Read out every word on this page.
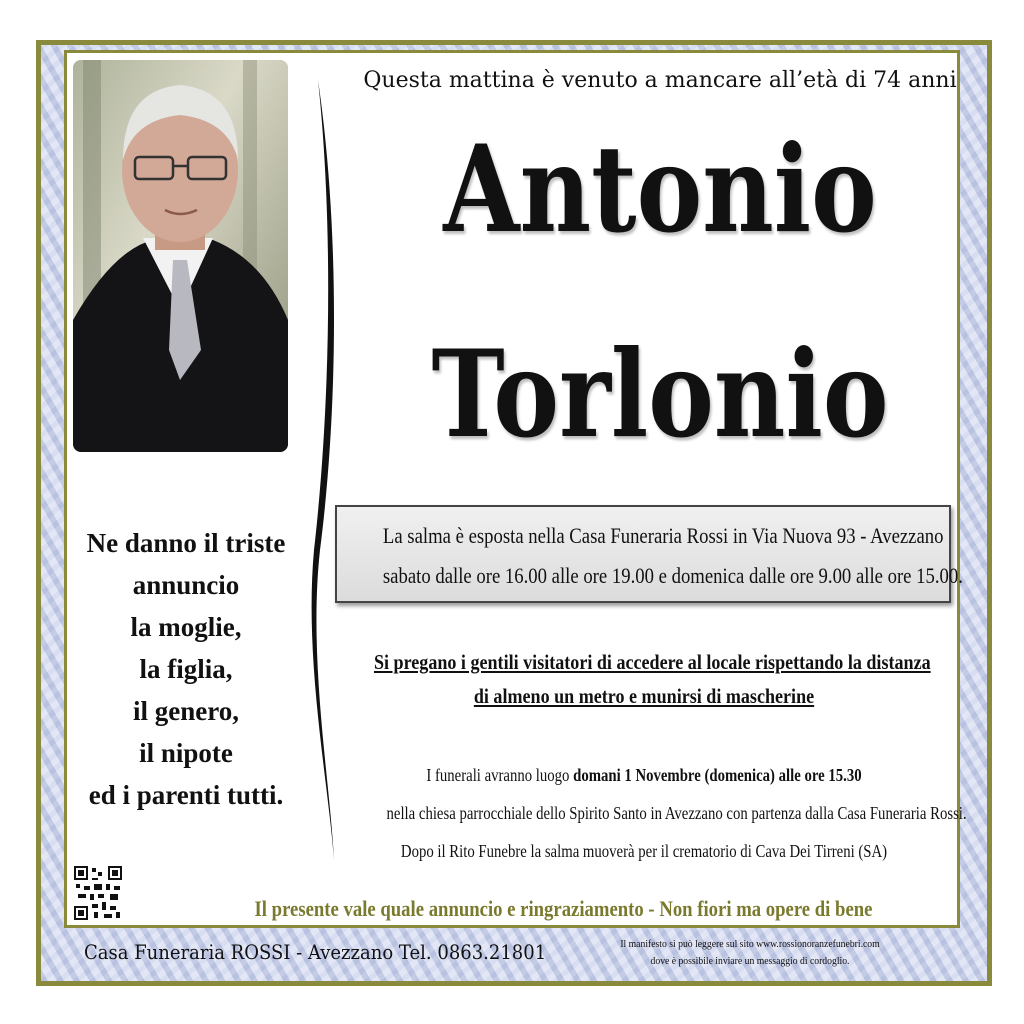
Questa mattina è venuto a mancare all’età di 74 anni
Antonio
Torlonio
La salma è esposta nella Casa Funeraria Rossi in Via Nuova 93 - Avezzano
sabato dalle ore 16.00 alle ore 19.00 e domenica dalle ore 9.00 alle ore 15.00.
Si pregano i gentili visitatori di accedere al locale rispettando la distanza
di almeno un metro e munirsi di mascherine
I funerali avranno luogo domani 1 Novembre (domenica) alle ore 15.30
nella chiesa parrocchiale dello Spirito Santo in Avezzano con partenza dalla Casa Funeraria Rossi.
Dopo il Rito Funebre la salma muoverà per il crematorio di Cava Dei Tirreni (SA)
Ne danno il triste
annuncio
la moglie,
la figlia,
il genero,
il nipote
ed i parenti tutti.
Il presente vale quale annuncio e ringraziamento - Non fiori ma opere di bene
Casa Funeraria ROSSI - Avezzano Tel. 0863.21801	Il manifesto si può leggere sul sito www.rossionoranzefunebri.com
dove è possibile inviare un messaggio di cordoglio.
